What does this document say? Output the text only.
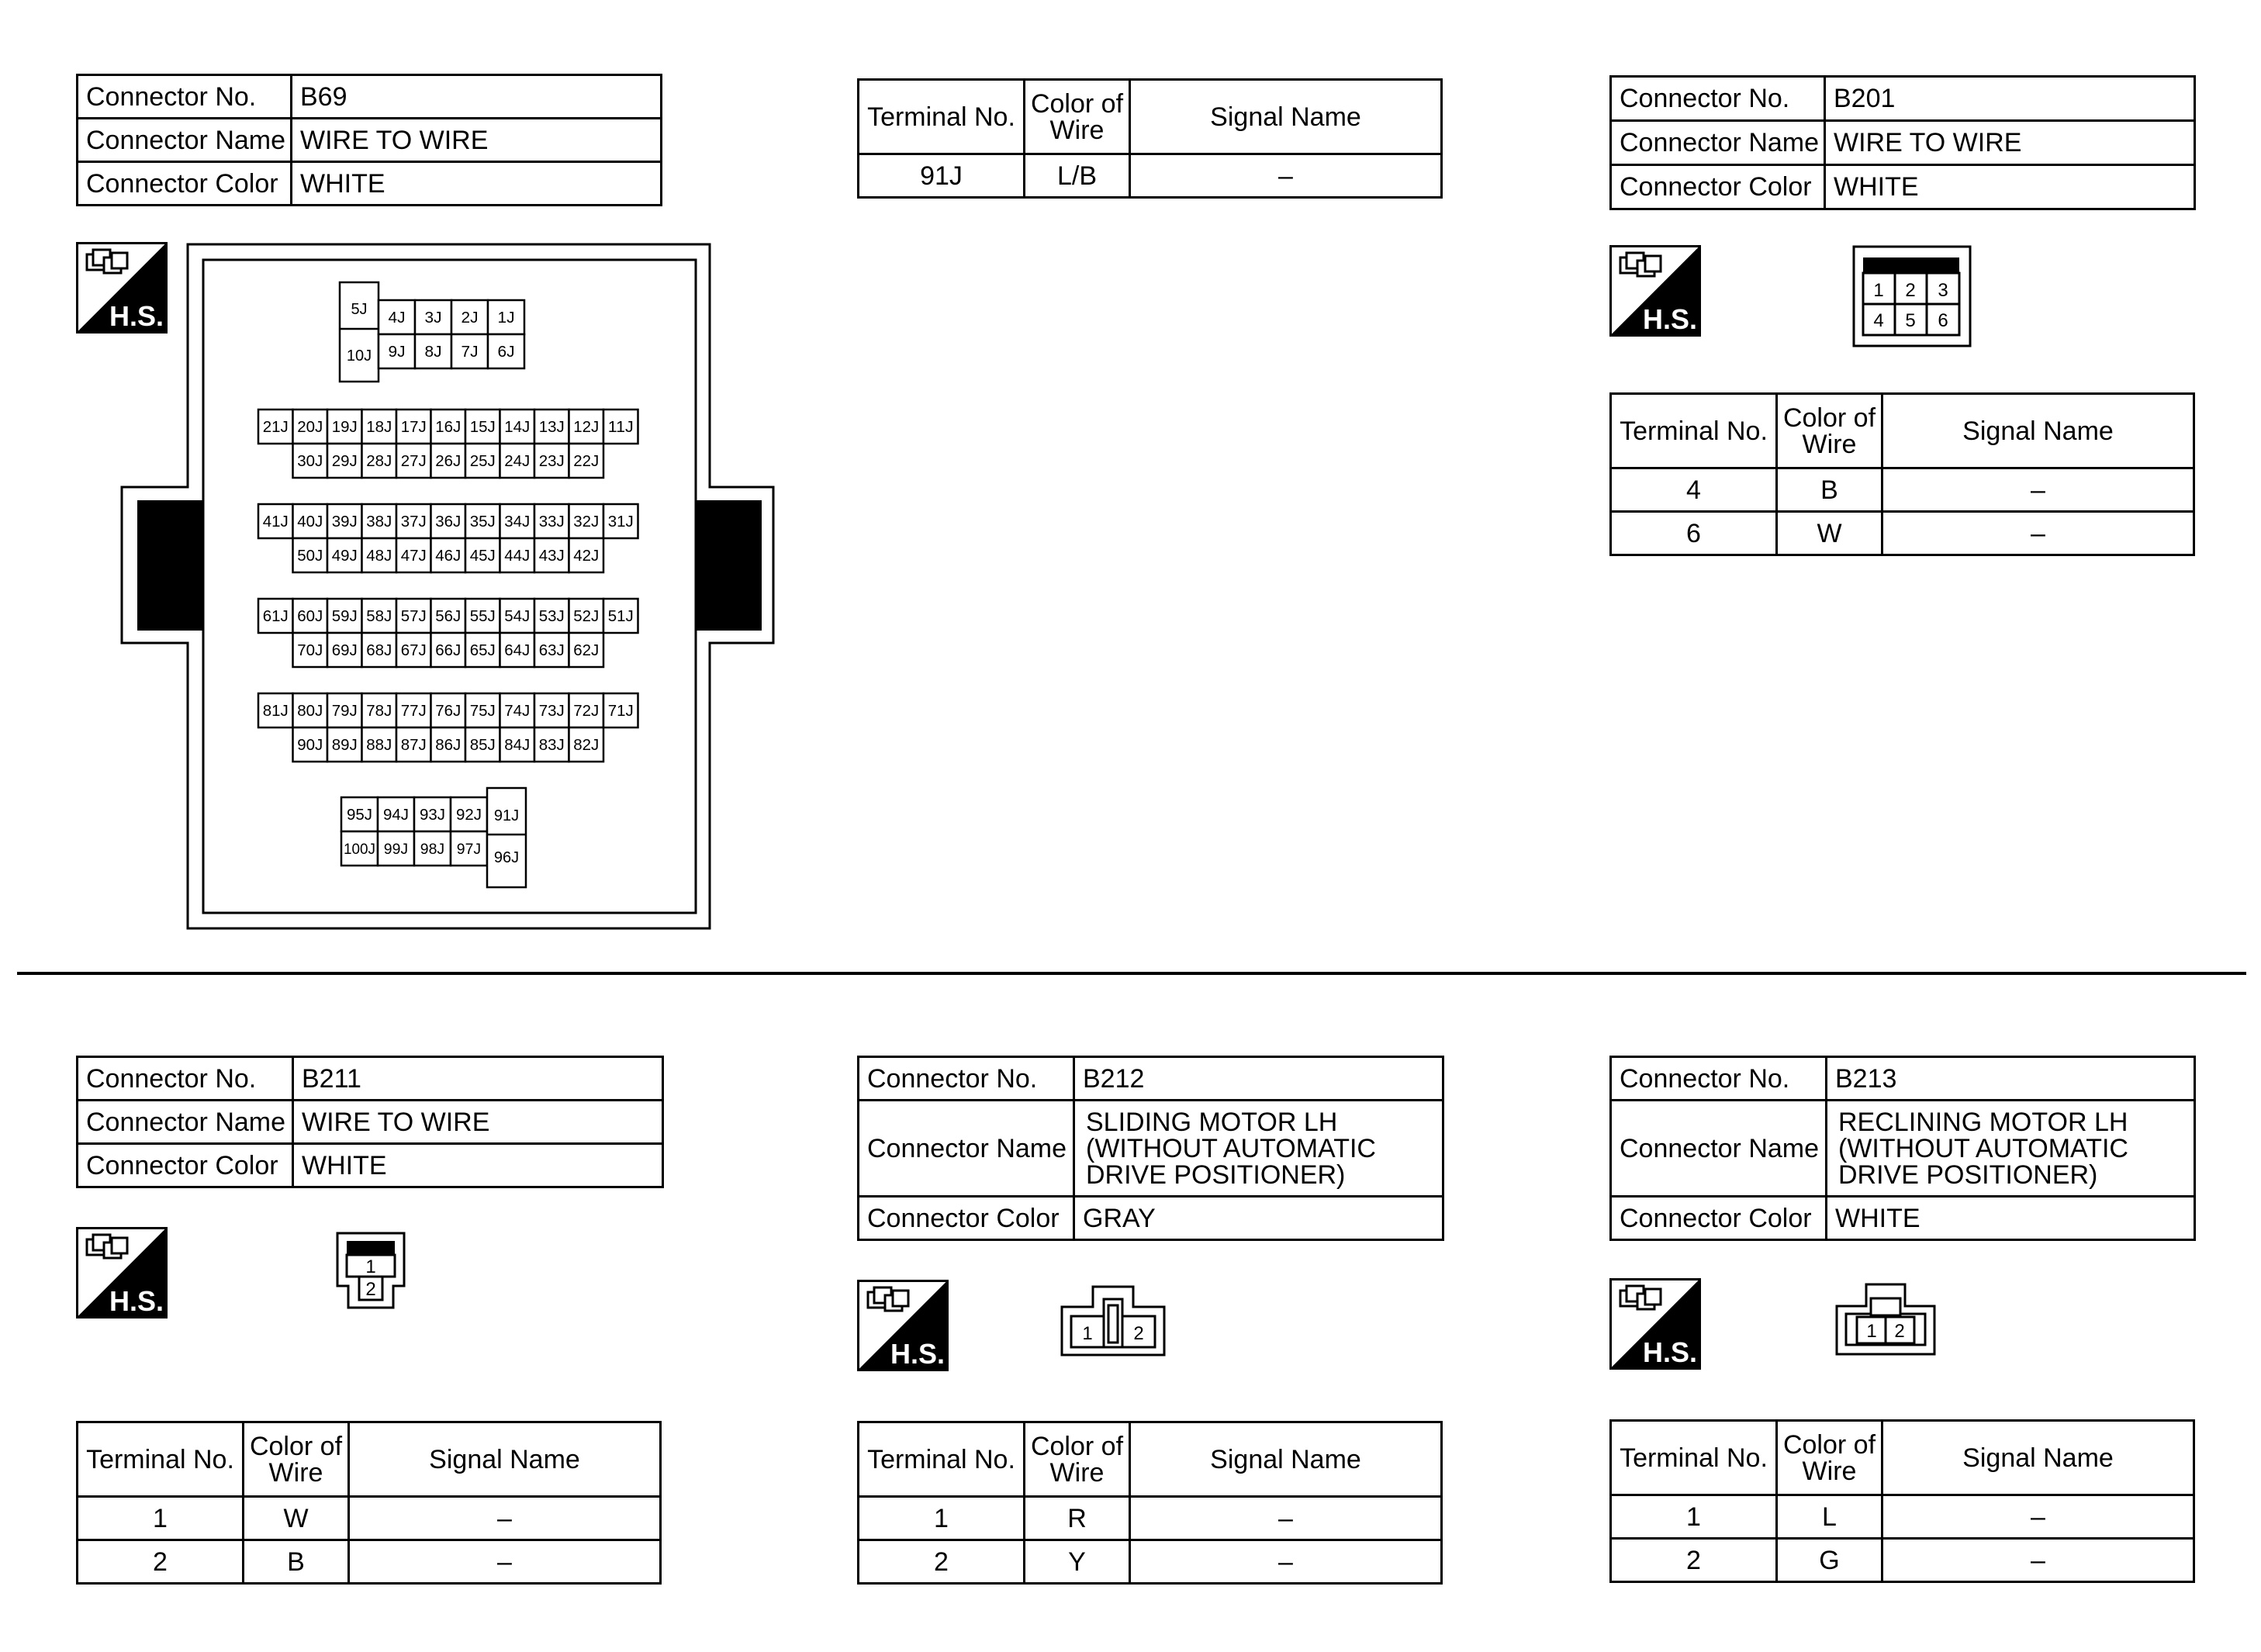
Connector No.	B69
Connector Name	WIRE TO WIRE
Connector Color	WHITE
Terminal No.	Color of Wire	Signal Name
91J	L/B	–
H.S.	5J
10J
4J 3J 2J 1J
9J 8J 7J 6J
21J 20J 19J 18J 17J 16J 15J 14J 13J 12J 11J
30J 29J 28J 27J 26J 25J 24J 23J 22J
41J 40J 39J 38J 37J 36J 35J 34J 33J 32J 31J
50J 49J 48J 47J 46J 45J 44J 43J 42J
61J 60J 59J 58J 57J 56J 55J 54J 53J 52J 51J
70J 69J 68J 67J 66J 65J 64J 63J 62J
81J 80J 79J 78J 77J 76J 75J 74J 73J 72J 71J
90J 89J 88J 87J 86J 85J 84J 83J 82J
95J 94J 93J 92J
100J 99J 98J 97J
91J
96J
Connector No.	B201
Connector Name	WIRE TO WIRE
Connector Color	WHITE
H.S.
1 2 3
4 5 6
Terminal No.	Color of Wire	Signal Name
4	B	–
6	W	–
Connector No.	B211
Connector Name	WIRE TO WIRE
Connector Color	WHITE
H.S.
1
2
Terminal No.	Color of Wire	Signal Name
1	W	–
2	B	–
Connector No.	B212
Connector Name	SLIDING MOTOR LH
(WITHOUT AUTOMATIC
DRIVE POSITIONER)
Connector Color	GRAY
H.S.
1 2
Terminal No.	Color of Wire	Signal Name
1	R	–
2	Y	–
Connector No.	B213
Connector Name	RECLINING MOTOR LH
(WITHOUT AUTOMATIC
DRIVE POSITIONER)
Connector Color	WHITE
H.S.
1 2
Terminal No.	Color of Wire	Signal Name
1	L	–
2	G	–
